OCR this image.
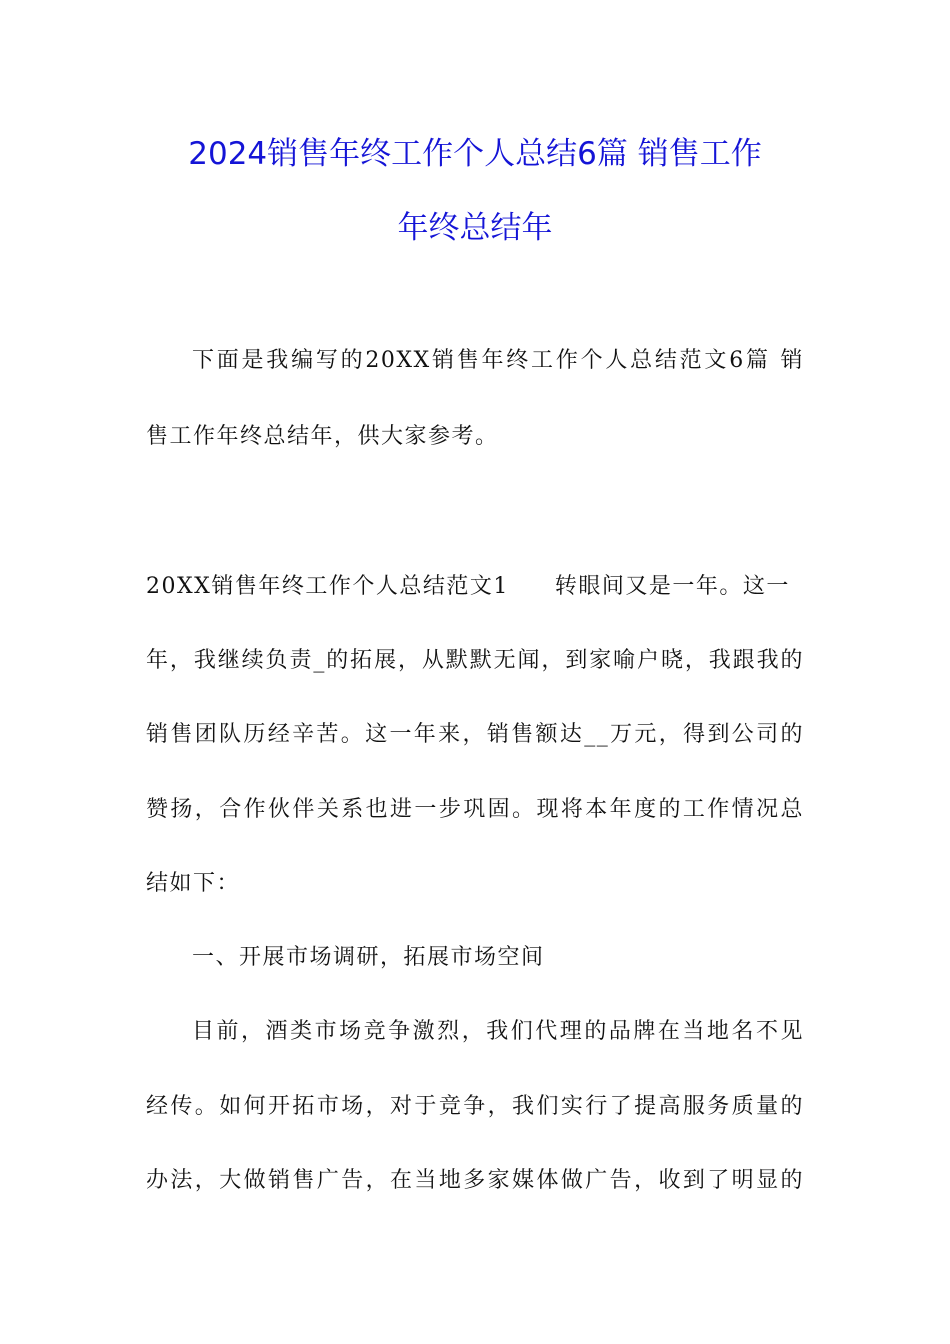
2024销售年终工作个人总结6篇 销售工作
年终总结年
下面是我编写的20XX销售年终工作个人总结范文6篇 销
售工作年终总结年，供大家参考。
20XX销售年终工作个人总结范文1 转眼间又是一年。这一
年，我继续负责_的拓展，从默默无闻，到家喻户晓，我跟我的
销售团队历经辛苦。这一年来，销售额达__万元，得到公司的
赞扬，合作伙伴关系也进一步巩固。现将本年度的工作情况总
结如下：
一、开展市场调研，拓展市场空间
目前，酒类市场竞争激烈，我们代理的品牌在当地名不见
经传。如何开拓市场，对于竞争，我们实行了提高服务质量的
办法，大做销售广告，在当地多家媒体做广告，收到了明显的
